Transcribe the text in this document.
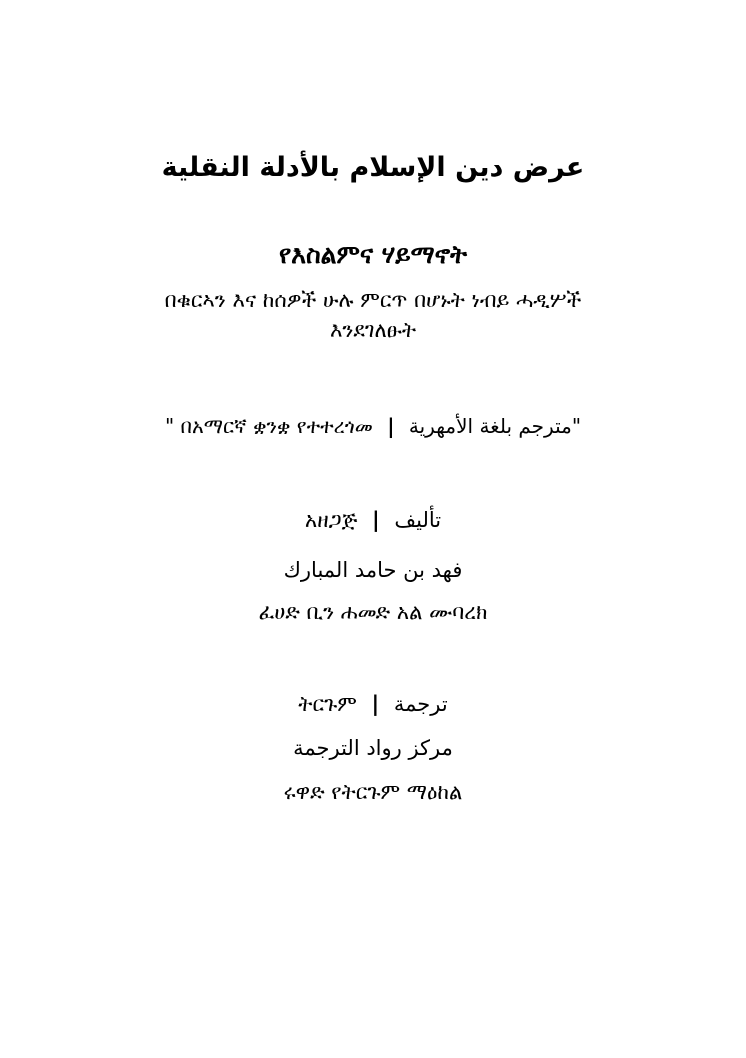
عرض دين الإسلام بالأدلة النقلية
የእስልምና ሃይማኖት
በቁርኣን እና ከሰዎች ሁሉ ምርጥ በሆኑት ነብይ ሓዲሦች
እንደገለፁት
" በአማርኛ ቋንቋ የተተረጎመ | مترجم بلغة الأمهرية"
አዘጋጅ | تأليف
فهد بن حامد المبارك
ፈሀድ ቢን ሐመድ አል ሙባረክ
ትርጉም | ترجمة
مركز رواد الترجمة
ሩዋድ የትርጉም ማዕከል
